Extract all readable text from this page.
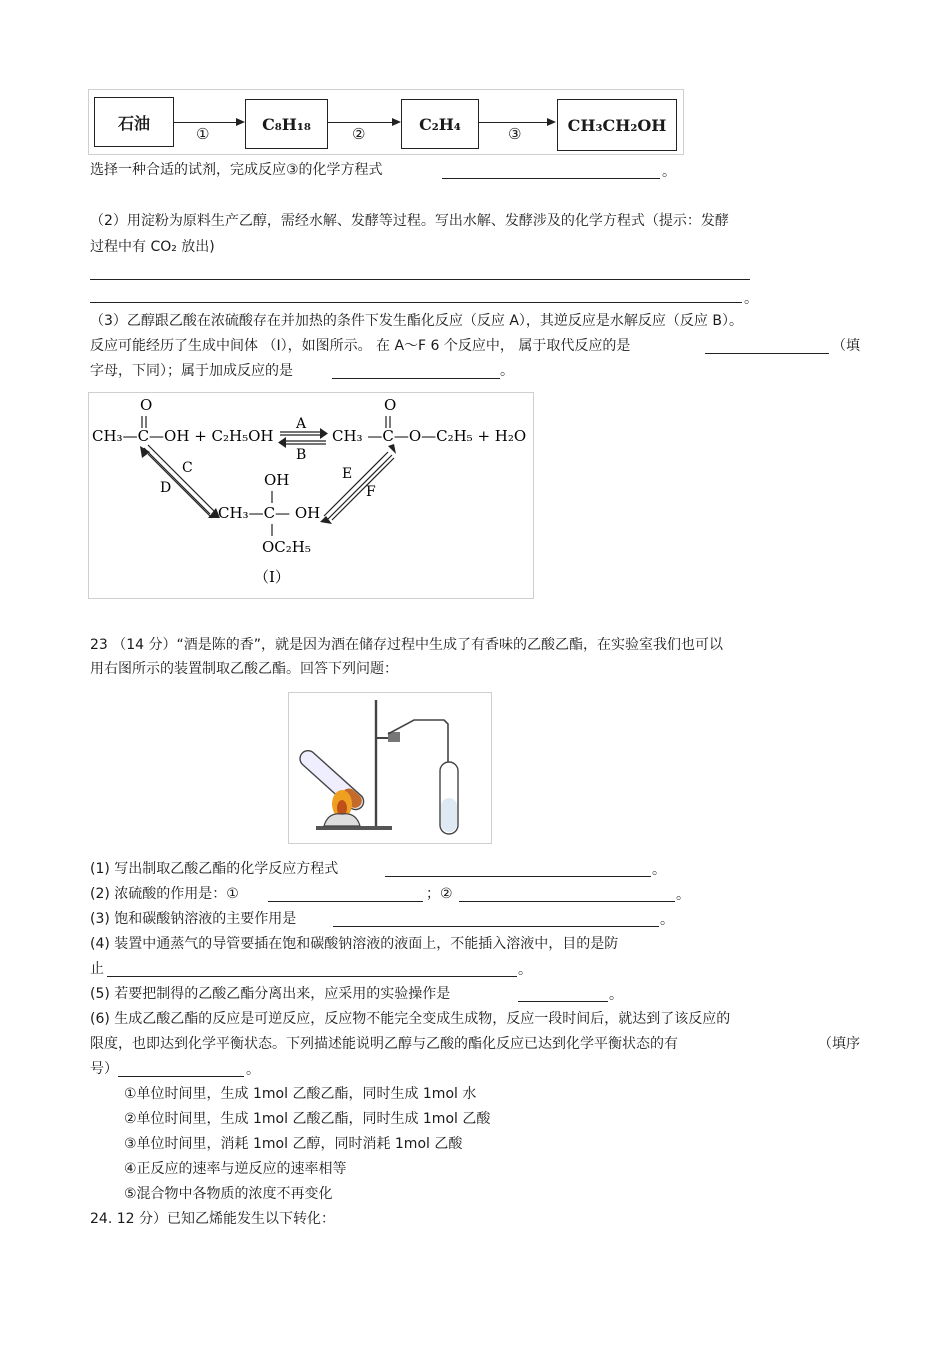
石油	C₈H₁₈	C₂H₄	CH₃CH₂OH
①	②	③
选择一种合适的试剂，完成反应③的化学方程式	。
（2）用淀粉为原料生产乙醇，需经水解、发酵等过程。写出水解、发酵涉及的化学方程式（提示：发酵
过程中有 CO₂ 放出)
。
（3）乙醇跟乙酸在浓硫酸存在并加热的条件下发生酯化反应（反应 A），其逆反应是水解反应（反应 B）。
反应可能经历了生成中间体 （I），如图所示。 在 A～F 6 个反应中， 属于取代反应的是	（填
字母，下同）；属于加成反应的是	。
O
CH₃—C—OH + C₂H₅OH
A
B
O
CH₃ —C—O—C₂H₅ + H₂O
C
D
E
F
OH
CH₃—C— OH
OC₂H₅
（Ⅰ）
23 （14 分）“酒是陈的香”，就是因为酒在储存过程中生成了有香味的乙酸乙酯，在实验室我们也可以
用右图所示的装置制取乙酸乙酯。回答下列问题：
(1) 写出制取乙酸乙酯的化学反应方程式	。
(2) 浓硫酸的作用是：①	；②	。
(3) 饱和碳酸钠溶液的主要作用是	。
(4) 装置中通蒸气的导管要插在饱和碳酸钠溶液的液面上，不能插入溶液中，目的是防
止	。
(5) 若要把制得的乙酸乙酯分离出来，应采用的实验操作是	。
(6) 生成乙酸乙酯的反应是可逆反应，反应物不能完全变成生成物，反应一段时间后，就达到了该反应的
限度，也即达到化学平衡状态。下列描述能说明乙醇与乙酸的酯化反应已达到化学平衡状态的有	（填序
号）	。
①单位时间里，生成 1mol 乙酸乙酯，同时生成 1mol 水
②单位时间里，生成 1mol 乙酸乙酯，同时生成 1mol 乙酸
③单位时间里，消耗 1mol 乙醇，同时消耗 1mol 乙酸
④正反应的速率与逆反应的速率相等
⑤混合物中各物质的浓度不再变化
24. 12 分）已知乙烯能发生以下转化：
